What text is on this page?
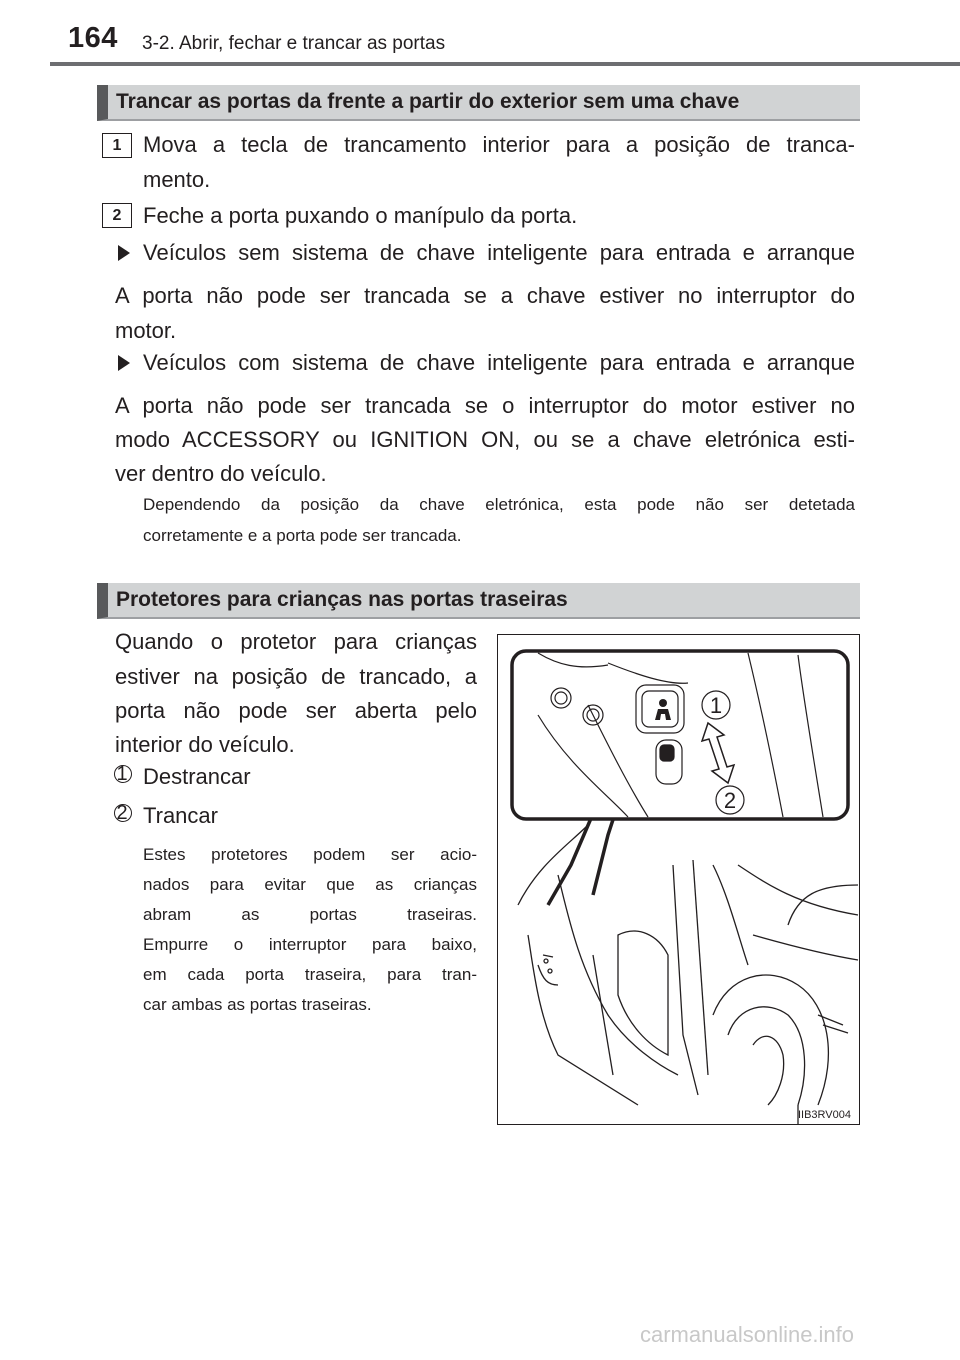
164 3-2. Abrir, fechar e trancar as portas
Trancar as portas da frente a partir do exterior sem uma chave
1 Mova a tecla de trancamento interior para a posição de tranca-
mento.
2 Feche a porta puxando o manípulo da porta.
Veículos sem sistema de chave inteligente para entrada e arranque
A porta não pode ser trancada se a chave estiver no interruptor do
motor.
Veículos com sistema de chave inteligente para entrada e arranque
A porta não pode ser trancada se o interruptor do motor estiver no
modo ACCESSORY ou IGNITION ON, ou se a chave eletrónica esti-
ver dentro do veículo.
Dependendo da posição da chave eletrónica, esta pode não ser detetada
corretamente e a porta pode ser trancada.
Protetores para crianças nas portas traseiras
Quando o protetor para crianças
estiver na posição de trancado, a
porta não pode ser aberta pelo
interior do veículo.
1 Destrancar
2 Trancar
Estes protetores podem ser acio-
nados para evitar que as crianças
abram as portas traseiras.
Empurre o interruptor para baixo,
em cada porta traseira, para tran-
car ambas as portas traseiras.
1
2
IIB3RV004
carmanualsonline.info
